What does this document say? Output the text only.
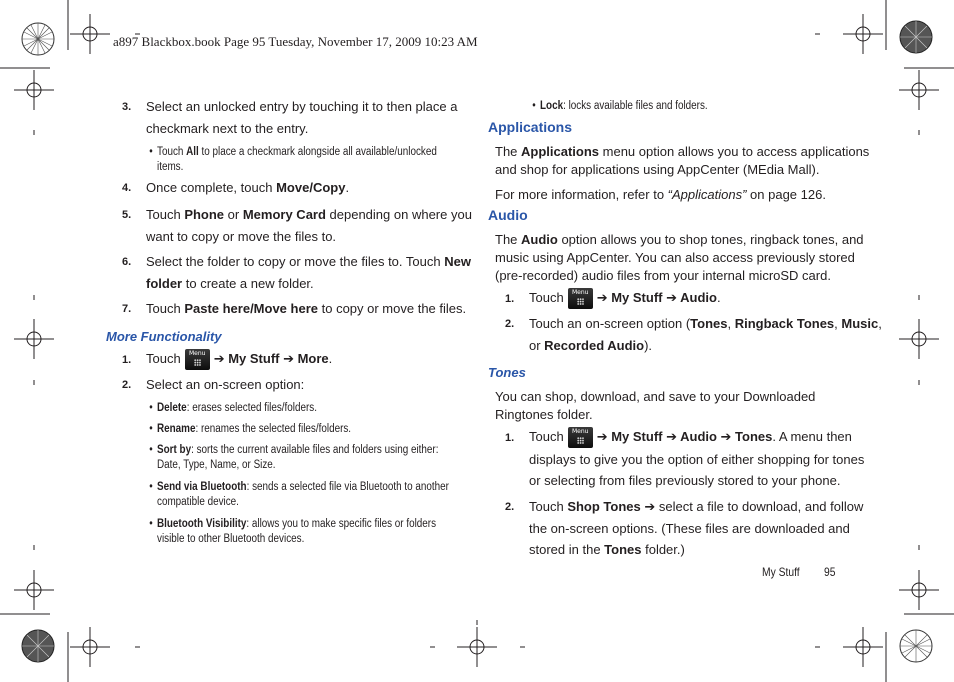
a897 Blackbox.book Page 95 Tuesday, November 17, 2009 10:23 AM
3. Select an unlocked entry by touching it to then place a
checkmark next to the entry.
• Touch All to place a checkmark alongside all available/unlocked
items.
4. Once complete, touch Move/Copy.
5. Touch Phone or Memory Card depending on where you
want to copy or move the files to.
6. Select the folder to copy or move the files to. Touch New
folder to create a new folder.
7. Touch Paste here/Move here to copy or move the files.
More Functionality
1. Touch	Menu ➔ My Stuff ➔ More.
2. Select an on-screen option:
• Delete: erases selected files/folders.
• Rename: renames the selected files/folders.
• Sort by: sorts the current available files and folders using either:
Date, Type, Name, or Size.
• Send via Bluetooth: sends a selected file via Bluetooth to another
compatible device.
• Bluetooth Visibility: allows you to make specific files or folders
visible to other Bluetooth devices.
• Lock: locks available files and folders.
Applications
The Applications menu option allows you to access applications
and shop for applications using AppCenter (MEdia Mall).
For more information, refer to “Applications” on page 126.
Audio
The Audio option allows you to shop tones, ringback tones, and
music using AppCenter. You can also access previously stored
(pre-recorded) audio files from your internal microSD card.
1. Touch	Menu ➔ My Stuff ➔ Audio.
2. Touch an on-screen option (Tones, Ringback Tones, Music,
or Recorded Audio).
Tones
You can shop, download, and save to your Downloaded
Ringtones folder.
1. Touch	Menu ➔ My Stuff ➔ Audio ➔ Tones. A menu then
displays to give you the option of either shopping for tones
or selecting from files previously stored to your phone.
2. Touch Shop Tones ➔ select a file to download, and follow
the on-screen options. (These files are downloaded and
stored in the Tones folder.)
My Stuff 95
